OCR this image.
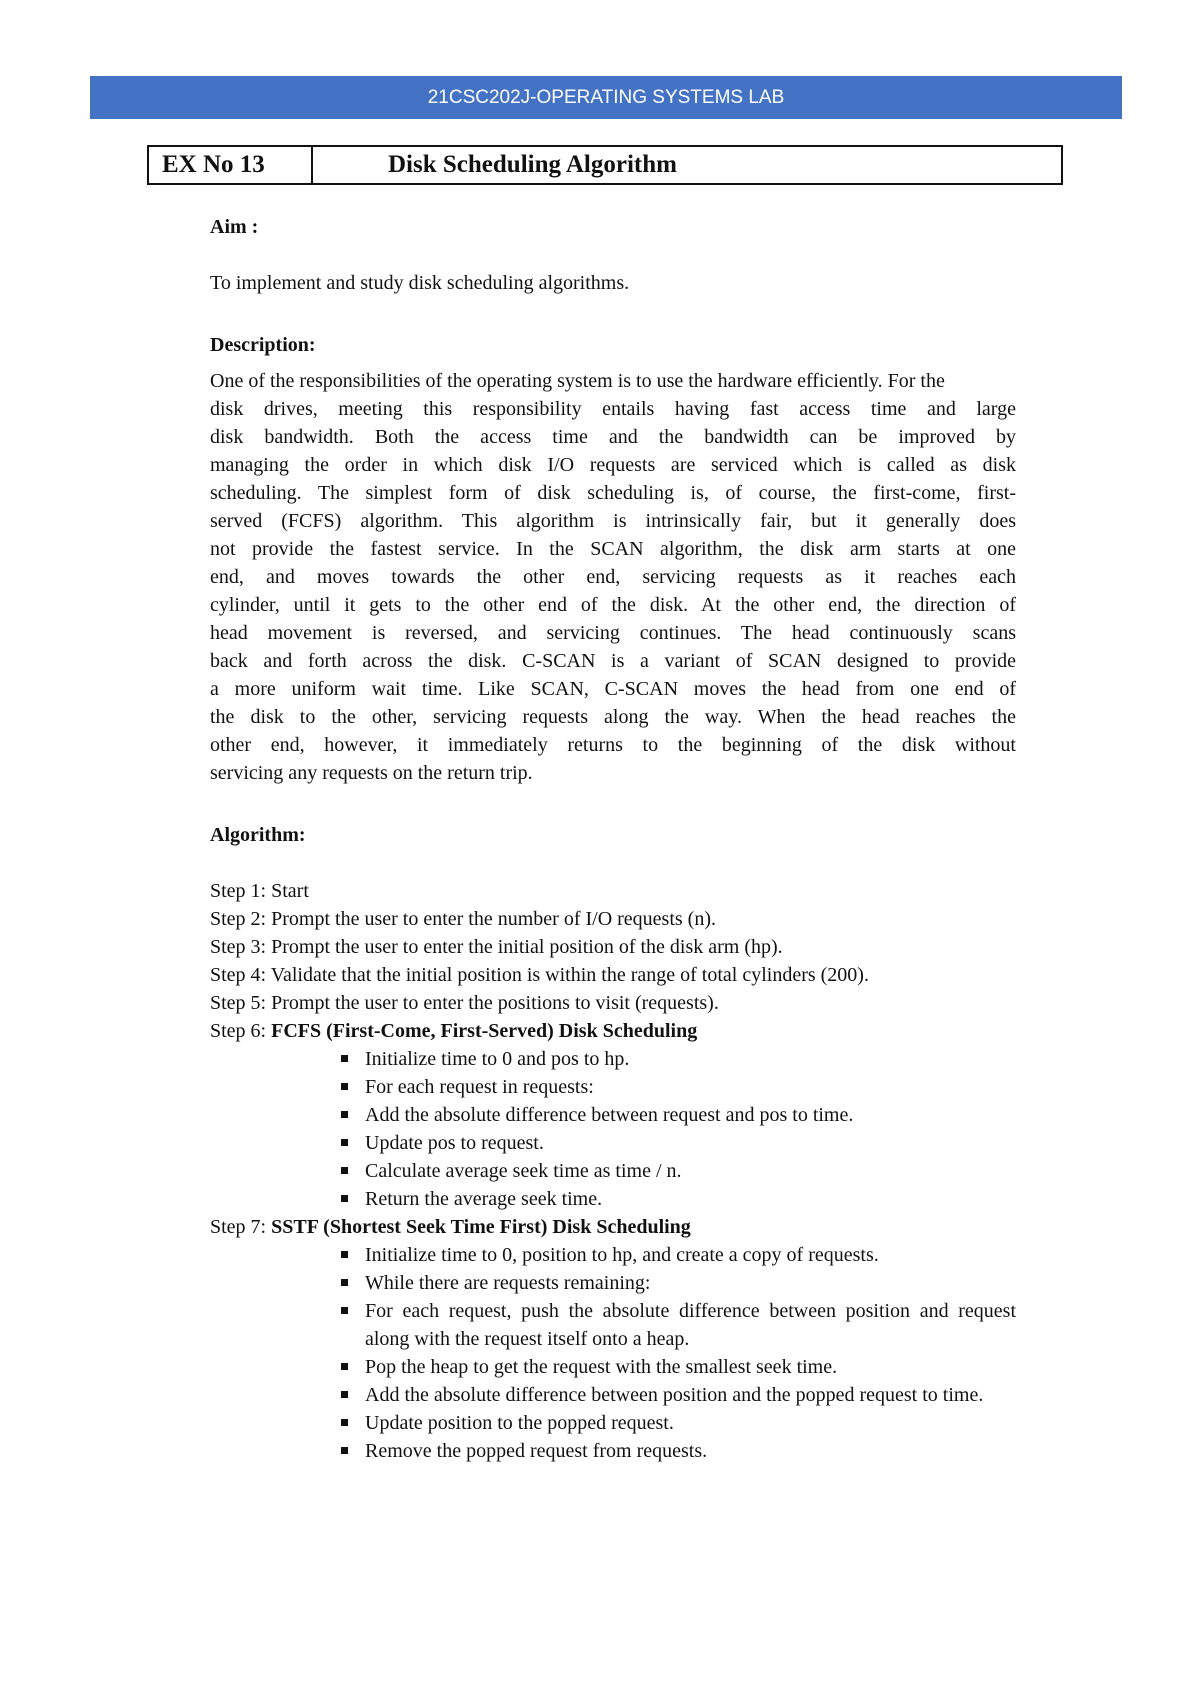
21CSC202J-OPERATING SYSTEMS LAB
EX No 13	Disk Scheduling Algorithm

Aim :

To implement and study disk scheduling algorithms.

Description:

One of the responsibilities of the operating system is to use the hardware efficiently. For the
disk drives, meeting this responsibility entails having fast access time and large
disk bandwidth. Both the access time and the bandwidth can be improved by
managing the order in which disk I/O requests are serviced which is called as disk
scheduling. The simplest form of disk scheduling is, of course, the first-come, first-
served (FCFS) algorithm. This algorithm is intrinsically fair, but it generally does
not provide the fastest service. In the SCAN algorithm, the disk arm starts at one
end, and moves towards the other end, servicing requests as it reaches each
cylinder, until it gets to the other end of the disk. At the other end, the direction of
head movement is reversed, and servicing continues. The head continuously scans
back and forth across the disk. C-SCAN is a variant of SCAN designed to provide
a more uniform wait time. Like SCAN, C-SCAN moves the head from one end of
the disk to the other, servicing requests along the way. When the head reaches the
other end, however, it immediately returns to the beginning of the disk without
servicing any requests on the return trip.

Algorithm:

Step 1: Start

Step 2: Prompt the user to enter the number of I/O requests (n).

Step 3: Prompt the user to enter the initial position of the disk arm (hp).

Step 4: Validate that the initial position is within the range of total cylinders (200).

Step 5: Prompt the user to enter the positions to visit (requests).

Step 6: FCFS (First-Come, First-Served) Disk Scheduling

Initialize time to 0 and pos to hp.
For each request in requests:
Add the absolute difference between request and pos to time.
Update pos to request.
Calculate average seek time as time / n.
Return the average seek time.

Step 7: SSTF (Shortest Seek Time First) Disk Scheduling

Initialize time to 0, position to hp, and create a copy of requests.
While there are requests remaining:
For each request, push the absolute difference between position and request along with the request itself onto a heap.
Pop the heap to get the request with the smallest seek time.
Add the absolute difference between position and the popped request to time.
Update position to the popped request.
Remove the popped request from requests.
